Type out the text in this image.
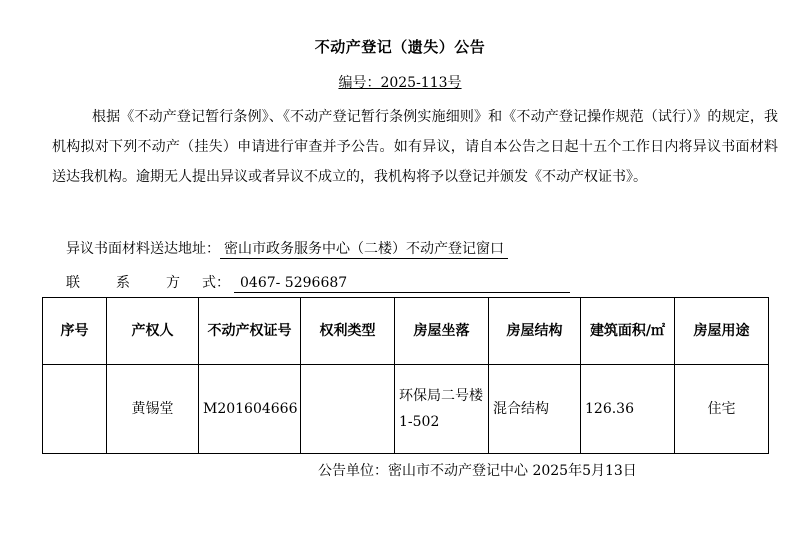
不动产登记（遗失）公告
编号：2025-113号
根据《不动产登记暂行条例》、《不动产登记暂行条例实施细则》和《不动产登记操作规范（试行）》的规定，我机构拟对下列不动产（挂失）申请进行审查并予公告。如有异议，请自本公告之日起十五个工作日内将异议书面材料送达我机构。逾期无人提出异议或者异议不成立的，我机构将予以登记并颁发《不动产权证书》。
异议书面材料送达地址： 密山市政务服务中心（二楼）不动产登记窗口
联	系	方 式： 0467- 5296687
序号	产权人	不动产权证号	权利类型	房屋坐落	房屋结构	建筑面积/㎡	房屋用途
	黄锡堂	M201604666		环保局二号楼 1-502	混合结构	126.36	住宅
公告单位：密山市不动产登记中心 2025年5月13日
